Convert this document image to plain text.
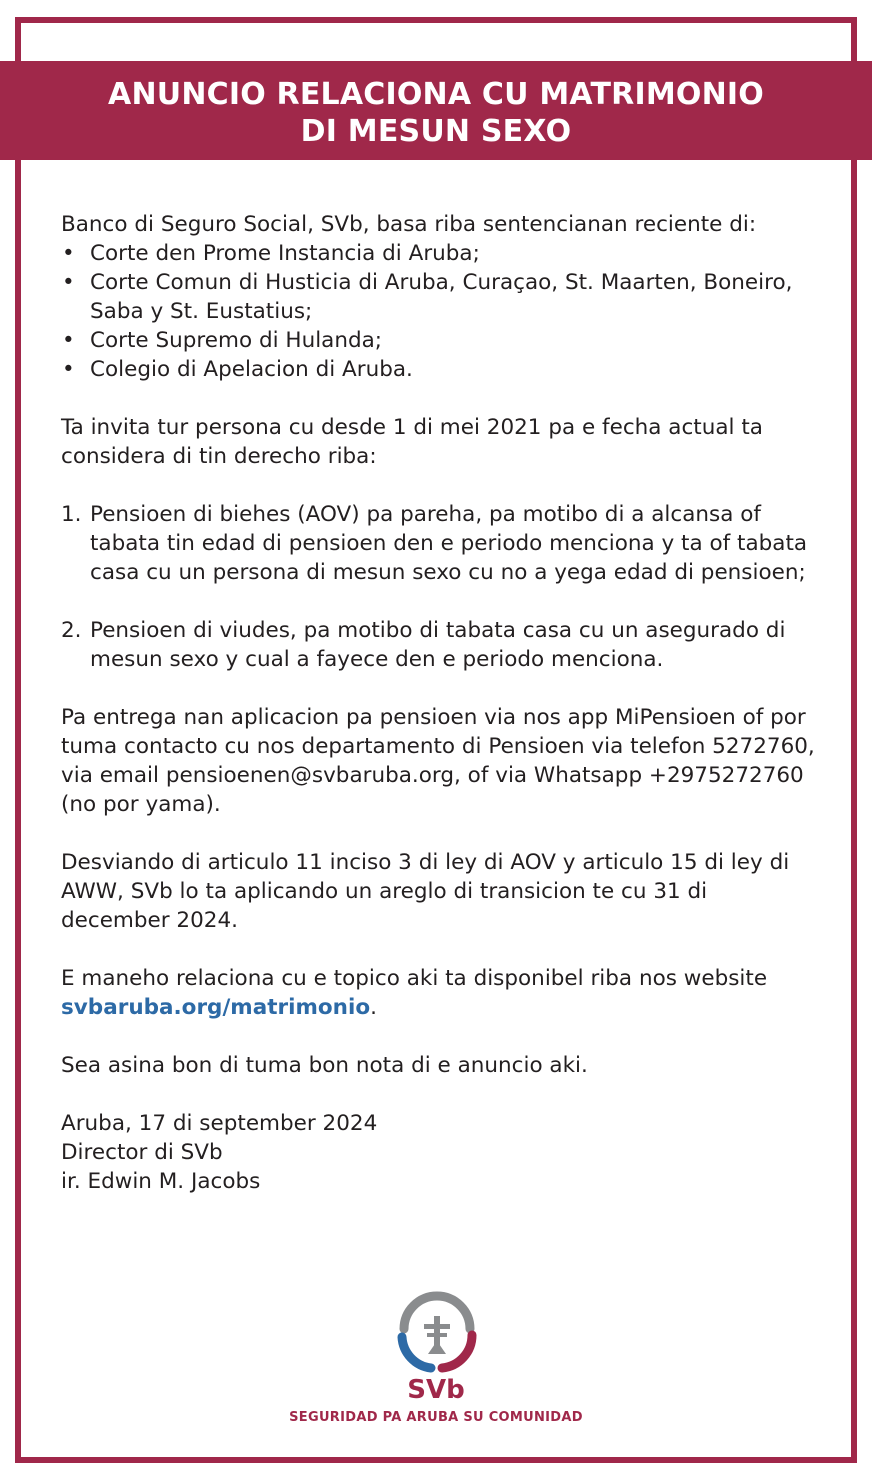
ANUNCIO RELACIONA CU MATRIMONIO
DI MESUN SEXO

Banco di Seguro Social, SVb, basa riba sentencianan reciente di:

• Corte den Prome Instancia di Aruba;
• Corte Comun di Husticia di Aruba, Curaçao, St. Maarten, Boneiro, Saba y St. Eustatius;
• Corte Supremo di Hulanda;
• Colegio di Apelacion di Aruba.

Ta invita tur persona cu desde 1 di mei 2021 pa e fecha actual ta considera di tin derecho riba:

1. Pensioen di biehes (AOV) pa pareha, pa motibo di a alcansa of tabata tin edad di pensioen den e periodo menciona y ta of tabata casa cu un persona di mesun sexo cu no a yega edad di pensioen;
2. Pensioen di viudes, pa motibo di tabata casa cu un asegurado di mesun sexo y cual a fayece den e periodo menciona.

Pa entrega nan aplicacion pa pensioen via nos app MiPensioen of por tuma contacto cu nos departamento di Pensioen via telefon 5272760, via email pensioenen@svbaruba.org, of via Whatsapp +2975272760 (no por yama).

Desviando di articulo 11 inciso 3 di ley di AOV y articulo 15 di ley di AWW, SVb lo ta aplicando un areglo di transicion te cu 31 di december 2024.

E maneho relaciona cu e topico aki ta disponibel riba nos website svbaruba.org/matrimonio.

Sea asina bon di tuma bon nota di e anuncio aki.

Aruba, 17 di september 2024

Director di SVb

ir. Edwin M. Jacobs

SVb
SEGURIDAD PA ARUBA SU COMUNIDAD
